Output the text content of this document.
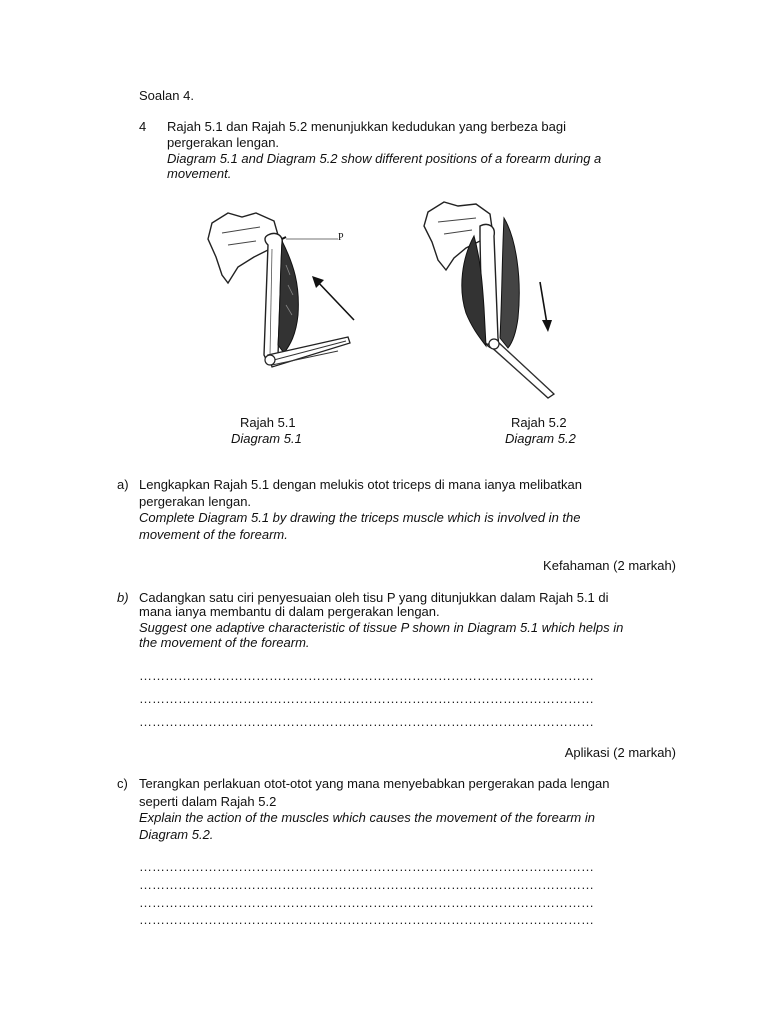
Soalan 4.
4 Rajah 5.1 dan Rajah 5.2 menunjukkan kedudukan yang berbeza bagi
pergerakan lengan.
Diagram 5.1 and Diagram 5.2 show different positions of a forearm during a
movement.
P
Rajah 5.1
Diagram 5.1
Rajah 5.2
Diagram 5.2
a) Lengkapkan Rajah 5.1 dengan melukis otot triceps di mana ianya melibatkan
pergerakan lengan.
Complete Diagram 5.1 by drawing the triceps muscle which is involved in the
movement of the forearm.
Kefahaman (2 markah)
b) Cadangkan satu ciri penyesuaian oleh tisu P yang ditunjukkan dalam Rajah 5.1 di
mana ianya membantu di dalam pergerakan lengan.
Suggest one adaptive characteristic of tissue P shown in Diagram 5.1 which helps in
the movement of the forearm.
……………………………………………………………………………………………
……………………………………………………………………………………………
……………………………………………………………………………………………
Aplikasi (2 markah)
c) Terangkan perlakuan otot-otot yang mana menyebabkan pergerakan pada lengan
seperti dalam Rajah 5.2
Explain the action of the muscles which causes the movement of the forearm in
Diagram 5.2.
……………………………………………………………………………………………
……………………………………………………………………………………………
……………………………………………………………………………………………
……………………………………………………………………………………………
